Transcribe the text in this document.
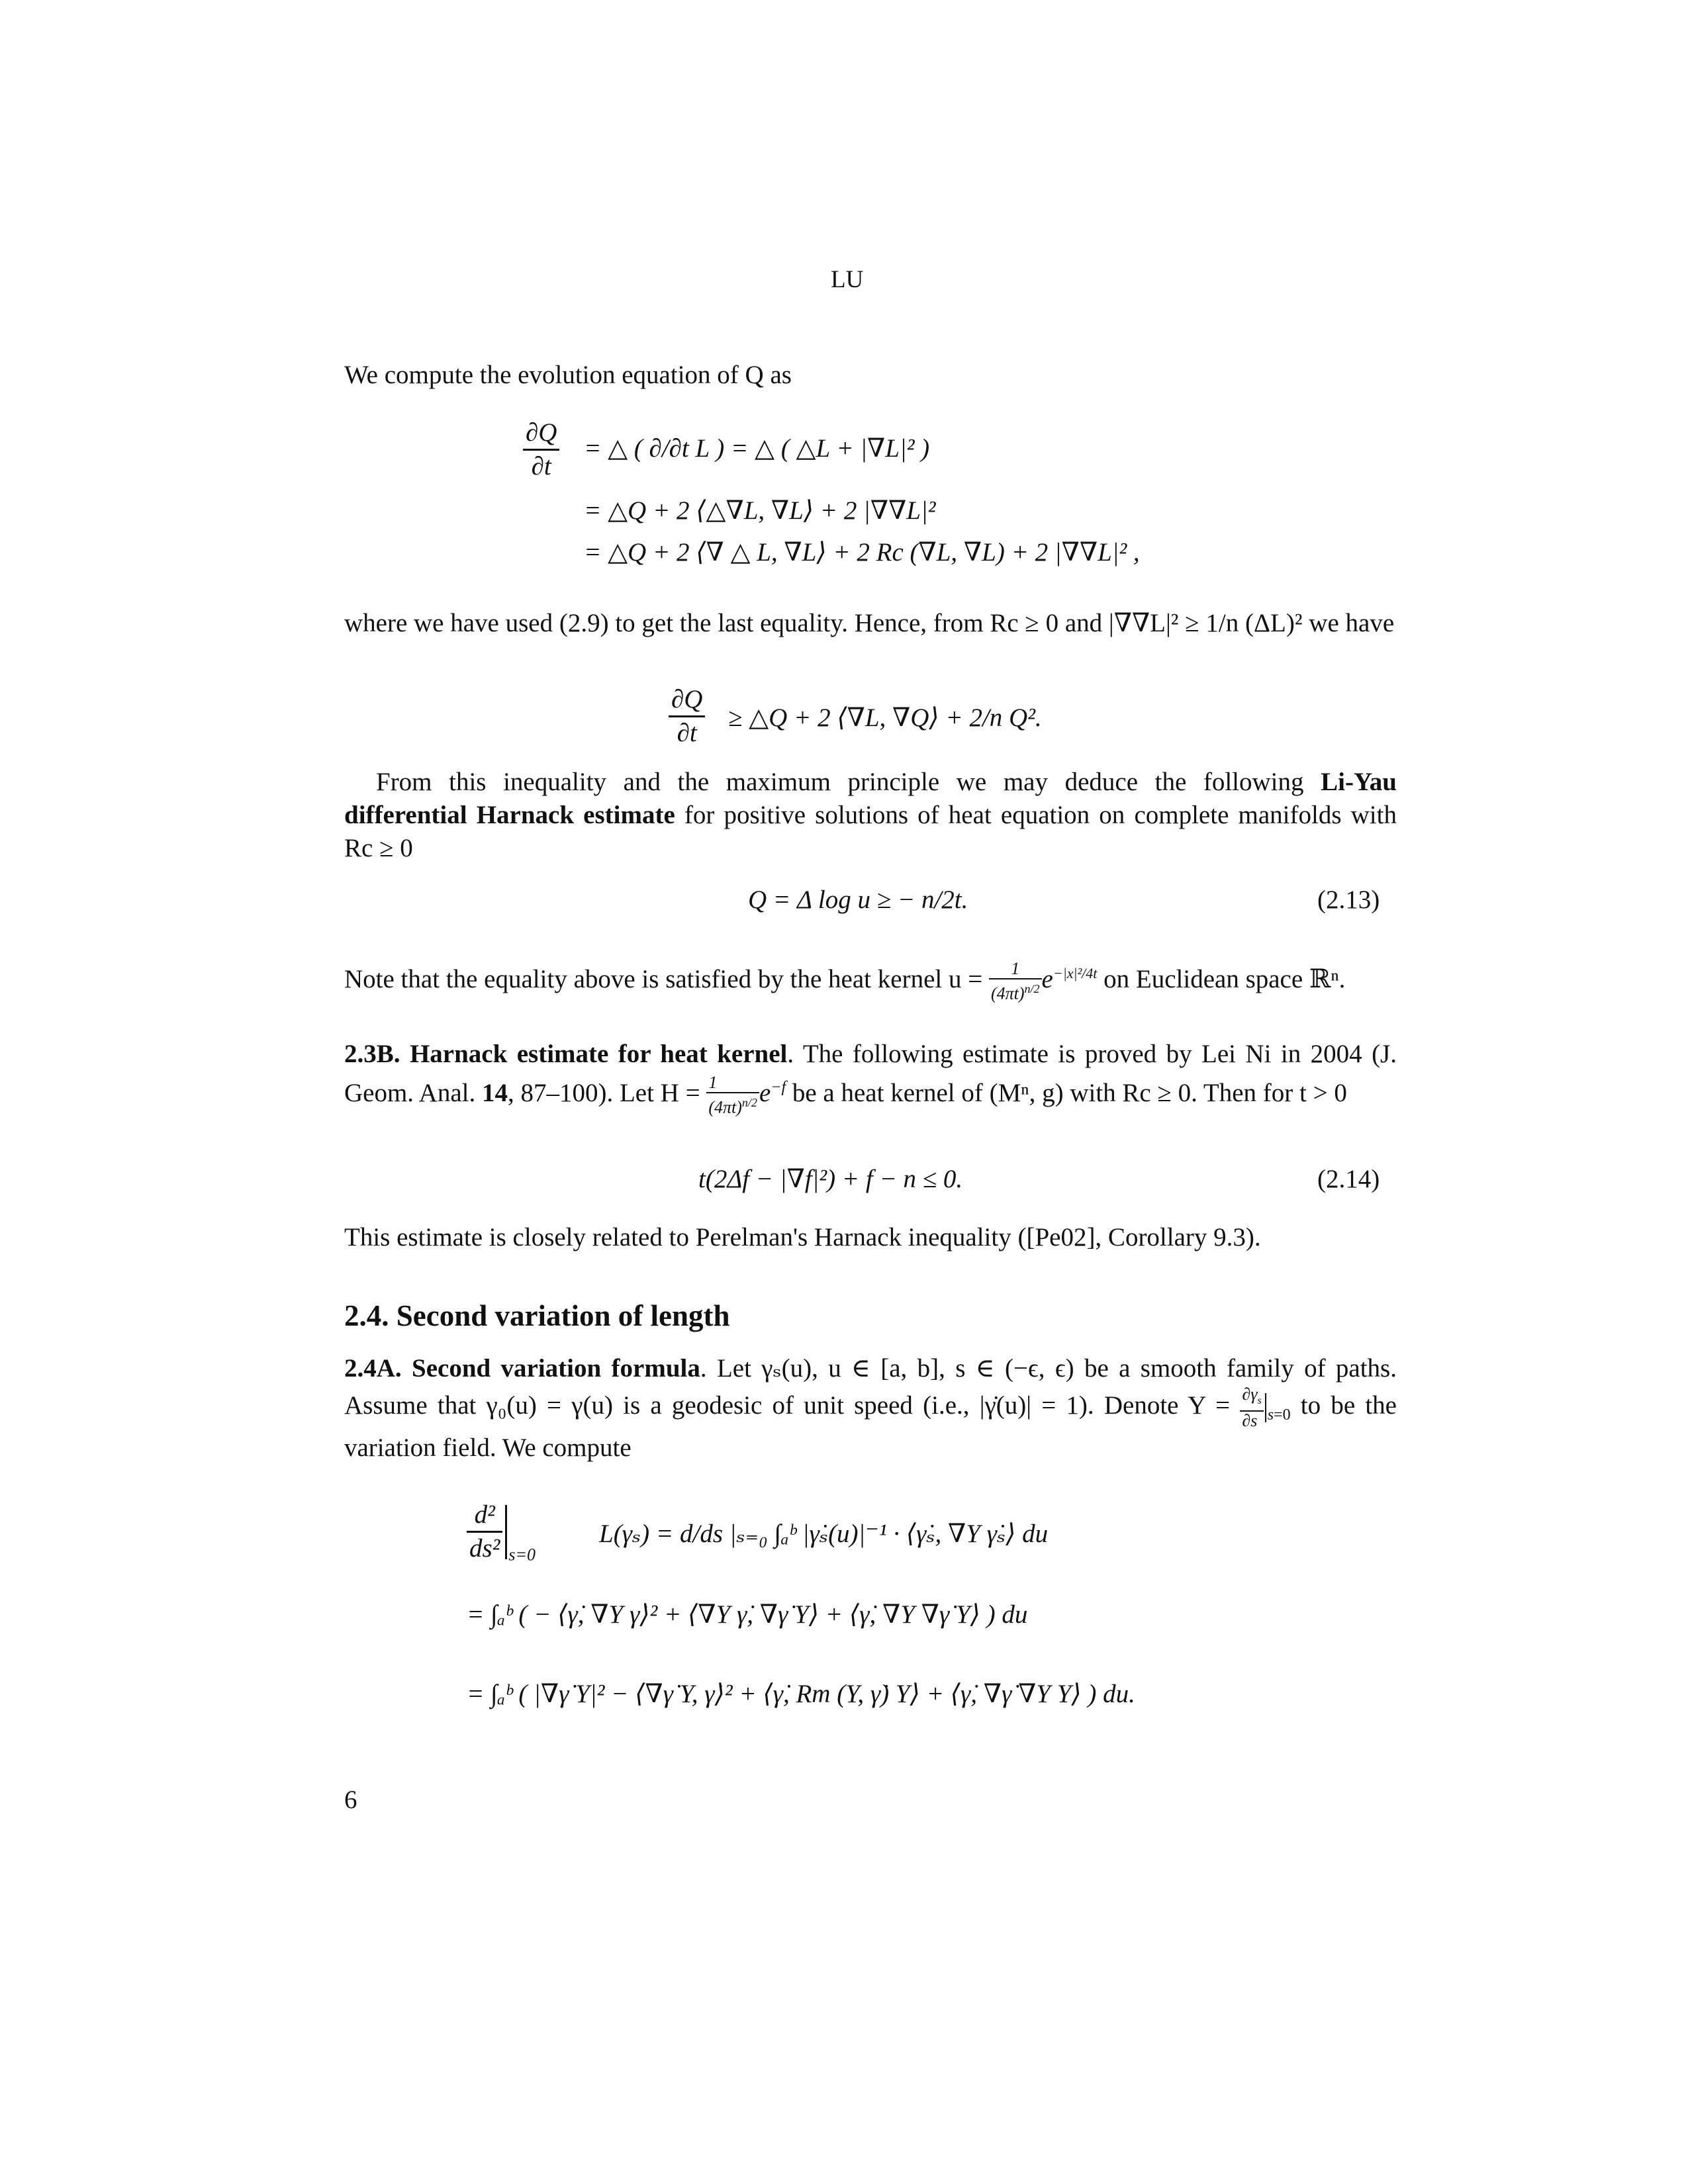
LU
We compute the evolution equation of Q as
$\frac{\partial Q}{\partial t}$ = △ ( ∂/∂t L ) = △ ( △L + |∇L|² )
= △Q + 2 ⟨△∇L, ∇L⟩ + 2 |∇∇L|²
= △Q + 2 ⟨∇ △ L, ∇L⟩ + 2 Rc (∇L, ∇L) + 2 |∇∇L|² ,
where we have used (2.9) to get the last equality. Hence, from Rc ≥ 0 and |∇∇L|² ≥ 1/n (ΔL)² we have
$\frac{\partial Q}{\partial t}$ ≥ △Q + 2 ⟨∇L, ∇Q⟩ + 2/n Q².
From this inequality and the maximum principle we may deduce the following Li-Yau differential Harnack estimate for positive solutions of heat equation on complete manifolds with Rc ≥ 0
Q = Δ log u ≥ − n/2t.	(2.13)
Note that the equality above is satisfied by the heat kernel $u = \frac{1}{(4\pi t)^{n/2}} e^{-|x|^2/4t}$ on Euclidean space ℝⁿ.
2.3B. Harnack estimate for heat kernel. The following estimate is proved by Lei Ni in 2004 (J. Geom. Anal. 14, 87–100). Let $H = \frac{1}{(4\pi t)^{n/2}} e^{-f}$ be a heat kernel of (Mⁿ, g) with Rc ≥ 0. Then for t > 0
t(2Δf − |∇f|²) + f − n ≤ 0.	(2.14)
This estimate is closely related to Perelman's Harnack inequality ([Pe02], Corollary 9.3).
2.4. Second variation of length
2.4A. Second variation formula. Let γₛ(u), u ∈ [a, b], s ∈ (−ϵ, ϵ) be a smooth family of paths. Assume that γ₀(u) = γ(u) is a geodesic of unit speed (i.e., |γ̇(u)| = 1). Denote $Y = \frac{\partial\gamma_s}{\partial s} _{s=0}$ to be the variation field. We compute
$\frac{\text{d²}}{\text{ds²}} _{s=0}$
L(γₛ) = d/ds |ₛ₌₀ ∫ₐᵇ |γ̇ₛ(u)|⁻¹ · ⟨γ̇ₛ, ∇Y γ̇ₛ⟩ du
= ∫ₐᵇ ( − ⟨γ̇, ∇Y γ̇⟩² + ⟨∇Y γ̇, ∇γ̇ Y⟩ + ⟨γ̇, ∇Y ∇γ̇ Y⟩ ) du
= ∫ₐᵇ ( |∇γ̇ Y|² − ⟨∇γ̇ Y, γ̇⟩² + ⟨γ̇, Rm (Y, γ̇) Y⟩ + ⟨γ̇, ∇γ̇ ∇Y Y⟩ ) du.
6
